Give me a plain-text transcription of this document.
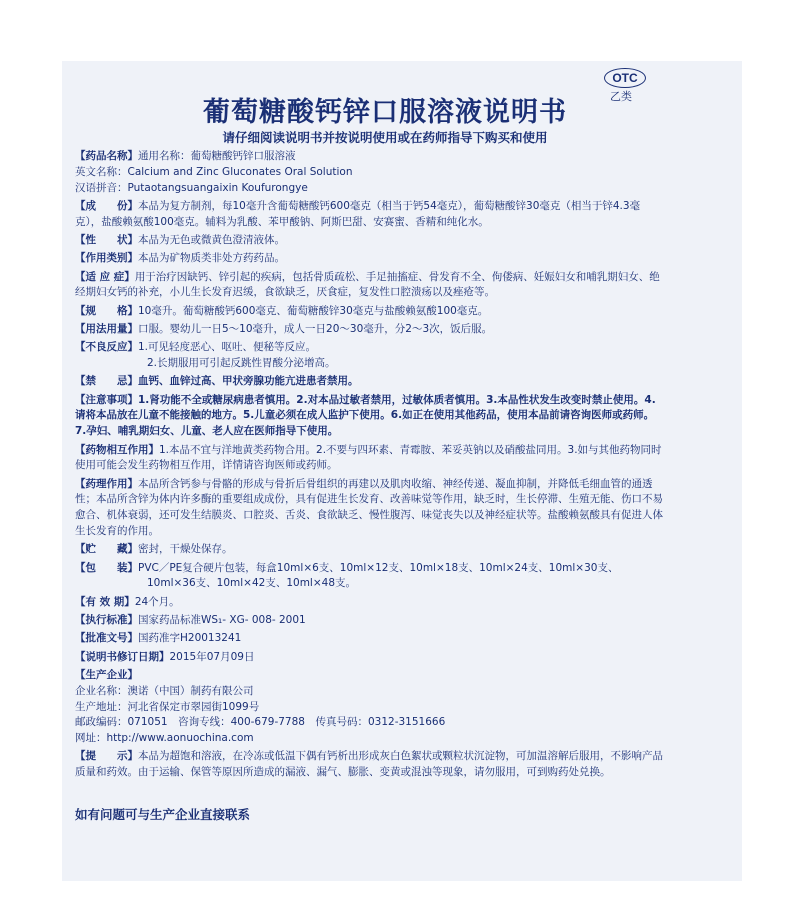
OTC
乙类
葡萄糖酸钙锌口服溶液说明书
请仔细阅读说明书并按说明使用或在药师指导下购买和使用

【药品名称】通用名称：葡萄糖酸钙锌口服溶液
英文名称：Calcium and Zinc Gluconates Oral Solution
汉语拼音：Putaotangsuangaixin Koufurongye

【成　　份】本品为复方制剂，每10毫升含葡萄糖酸钙600毫克（相当于钙54毫克），葡萄糖酸锌30毫克（相当于锌4.3毫克），盐酸赖氨酸100毫克。辅料为乳酸、苯甲酸钠、阿斯巴甜、安赛蜜、香精和纯化水。

【性　　状】本品为无色或微黄色澄清液体。

【作用类别】本品为矿物质类非处方药药品。

【适 应 症】用于治疗因缺钙、锌引起的疾病，包括骨质疏松、手足抽搐症、骨发育不全、佝偻病、妊娠妇女和哺乳期妇女、绝经期妇女钙的补充，小儿生长发育迟缓，食欲缺乏，厌食症，复发性口腔溃疡以及痤疮等。

【规　　格】10毫升。葡萄糖酸钙600毫克、葡萄糖酸锌30毫克与盐酸赖氨酸100毫克。

【用法用量】口服。婴幼儿一日5～10毫升，成人一日20～30毫升，分2～3次，饭后服。

【不良反应】1.可见轻度恶心、呕吐、便秘等反应。
2.长期服用可引起反跳性胃酸分泌增高。

【禁　　忌】血钙、血锌过高、甲状旁腺功能亢进患者禁用。

【注意事项】1.肾功能不全或糖尿病患者慎用。2.对本品过敏者禁用，过敏体质者慎用。3.本品性状发生改变时禁止使用。4.请将本品放在儿童不能接触的地方。5.儿童必须在成人监护下使用。6.如正在使用其他药品，使用本品前请咨询医师或药师。7.孕妇、哺乳期妇女、儿童、老人应在医师指导下使用。

【药物相互作用】1.本品不宜与洋地黄类药物合用。2.不要与四环素、青霉胺、苯妥英钠以及硝酸盐同用。3.如与其他药物同时使用可能会发生药物相互作用，详情请咨询医师或药师。

【药理作用】本品所含钙参与骨骼的形成与骨折后骨组织的再建以及肌肉收缩、神经传递、凝血抑制，并降低毛细血管的通透性；本品所含锌为体内许多酶的重要组成成份，具有促进生长发育、改善味觉等作用，缺乏时，生长停滞、生殖无能、伤口不易愈合、机体衰弱，还可发生结膜炎、口腔炎、舌炎、食欲缺乏、慢性腹泻、味觉丧失以及神经症状等。盐酸赖氨酸具有促进人体生长发育的作用。

【贮　　藏】密封，干燥处保存。

【包　　装】PVC／PE复合硬片包装，每盒10ml×6支、10ml×12支、10ml×18支、10ml×24支、10ml×30支、
10ml×36支、10ml×42支、10ml×48支。

【有 效 期】24个月。

【执行标准】国家药品标准WS₁- XG- 008- 2001

【批准文号】国药准字H20013241

【说明书修订日期】2015年07月09日

【生产企业】
企业名称：澳诺（中国）制药有限公司
生产地址：河北省保定市翠园街1099号
邮政编码：071051  咨询专线：400-679-7788  传真号码：0312-3151666
网址：http://www.aonuochina.com

【提　　示】本品为超饱和溶液，在冷冻或低温下偶有钙析出形成灰白色絮状或颗粒状沉淀物，可加温溶解后服用，不影响产品质量和药效。由于运输、保管等原因所造成的漏液、漏气、膨胀、变黄或混浊等现象，请勿服用，可到购药处兑换。

如有问题可与生产企业直接联系
